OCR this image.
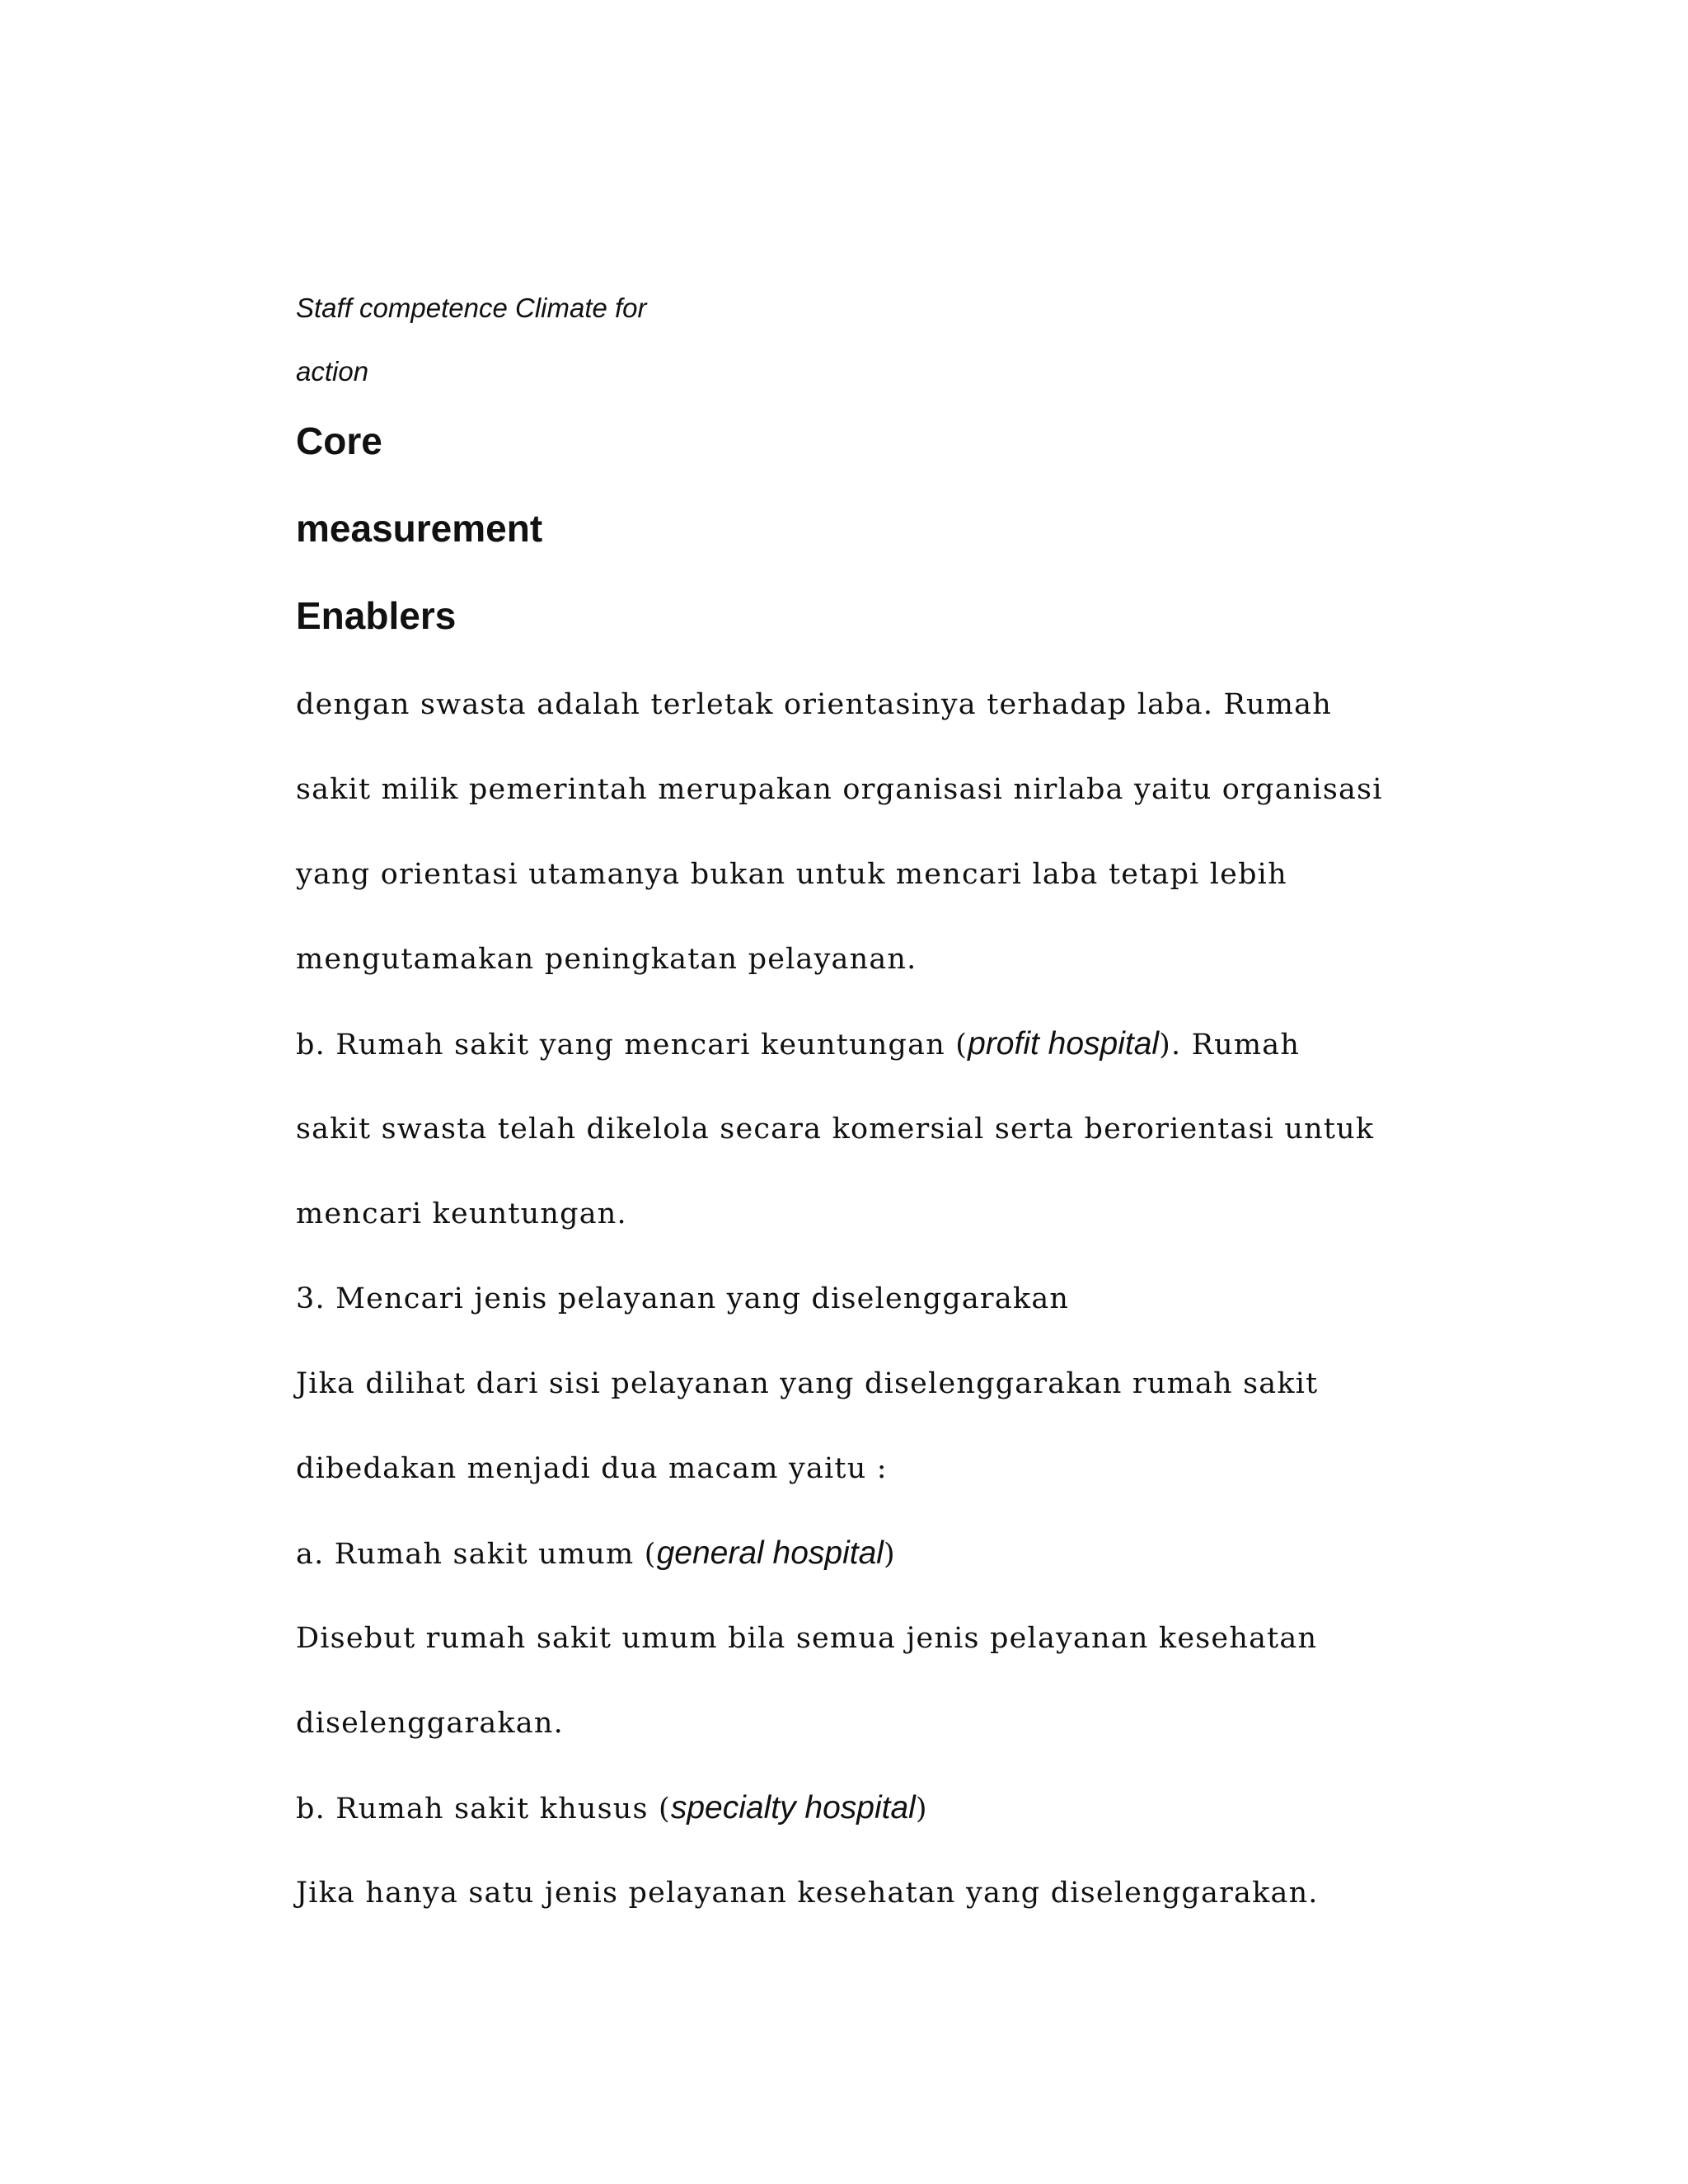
Staff competence Climate for

action

Core

measurement

Enablers

dengan swasta adalah terletak orientasinya terhadap laba. Rumah

sakit milik pemerintah merupakan organisasi nirlaba yaitu organisasi

yang orientasi utamanya bukan untuk mencari laba tetapi lebih

mengutamakan peningkatan pelayanan.

b. Rumah sakit yang mencari keuntungan (profit hospital). Rumah

sakit swasta telah dikelola secara komersial serta berorientasi untuk

mencari keuntungan.

3. Mencari jenis pelayanan yang diselenggarakan

Jika dilihat dari sisi pelayanan yang diselenggarakan rumah sakit

dibedakan menjadi dua macam yaitu :

a. Rumah sakit umum (general hospital)

Disebut rumah sakit umum bila semua jenis pelayanan kesehatan

diselenggarakan.

b. Rumah sakit khusus (specialty hospital)

Jika hanya satu jenis pelayanan kesehatan yang diselenggarakan.
